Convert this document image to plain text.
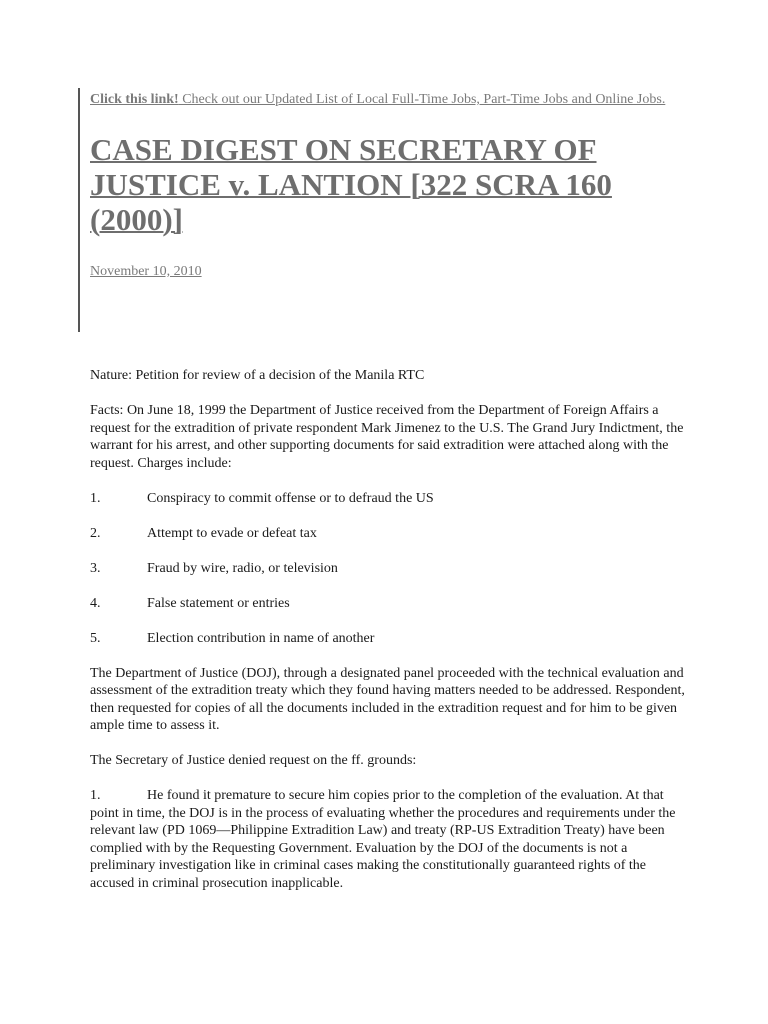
Click this link! Check out our Updated List of Local Full-Time Jobs, Part-Time Jobs and Online Jobs.

CASE DIGEST ON SECRETARY OF JUSTICE v. LANTION [322 SCRA 160 (2000)]

November 10, 2010

Nature: Petition for review of a decision of the Manila RTC

Facts: On June 18, 1999 the Department of Justice received from the Department of Foreign Affairs a request for the extradition of private respondent Mark Jimenez to the U.S. The Grand Jury Indictment, the warrant for his arrest, and other supporting documents for said extradition were attached along with the request. Charges include:

1.	Conspiracy to commit offense or to defraud the US
2.	Attempt to evade or defeat tax
3.	Fraud by wire, radio, or television
4.	False statement or entries
5.	Election contribution in name of another

The Department of Justice (DOJ), through a designated panel proceeded with the technical evaluation and assessment of the extradition treaty which they found having matters needed to be addressed. Respondent, then requested for copies of all the documents included in the extradition request and for him to be given ample time to assess it.

The Secretary of Justice denied request on the ff. grounds:

1.	He found it premature to secure him copies prior to the completion of the evaluation. At that point in time, the DOJ is in the process of evaluating whether the procedures and requirements under the relevant law (PD 1069—Philippine Extradition Law) and treaty (RP-US Extradition Treaty) have been complied with by the Requesting Government. Evaluation by the DOJ of the documents is not a preliminary investigation like in criminal cases making the constitutionally guaranteed rights of the accused in criminal prosecution inapplicable.
